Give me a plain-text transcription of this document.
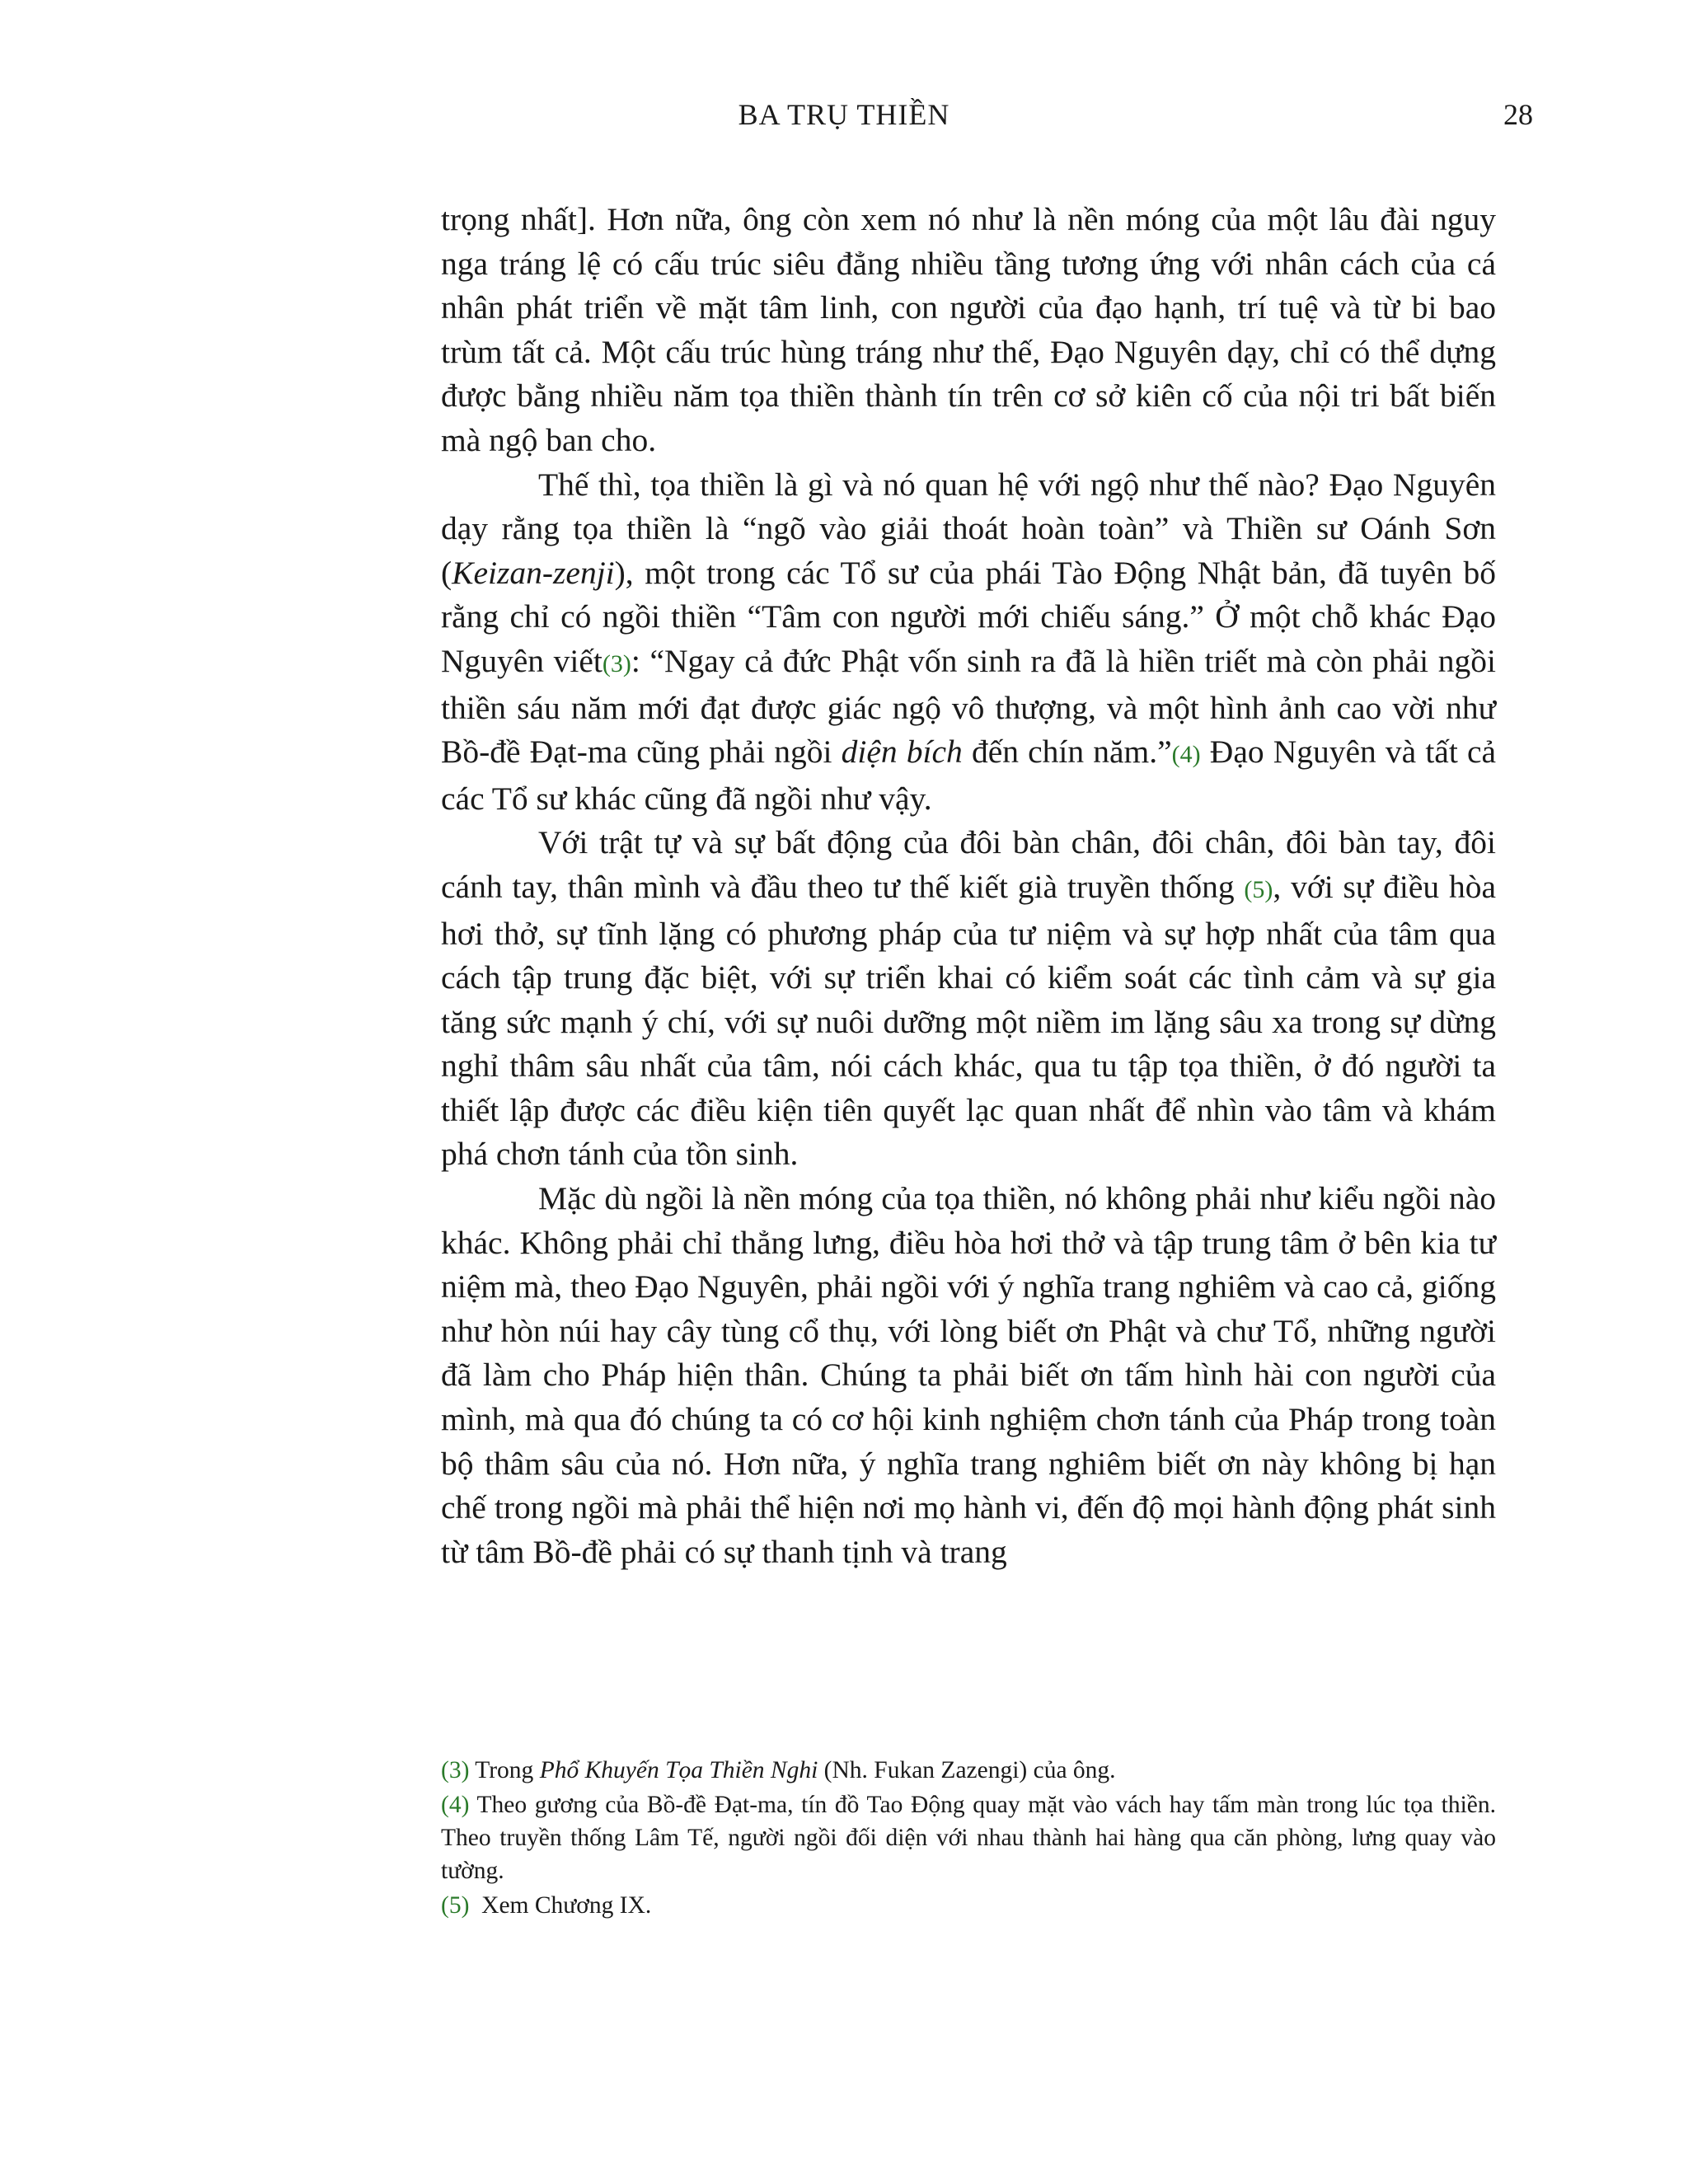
BA TRỤ THIỀN	28

trọng nhất]. Hơn nữa, ông còn xem nó như là nền móng của một lâu đài nguy nga tráng lệ có cấu trúc siêu đẳng nhiều tầng tương ứng với nhân cách của cá nhân phát triển về mặt tâm linh, con người của đạo hạnh, trí tuệ và từ bi bao trùm tất cả. Một cấu trúc hùng tráng như thế, Đạo Nguyên dạy, chỉ có thể dựng được bằng nhiều năm tọa thiền thành tín trên cơ sở kiên cố của nội tri bất biến mà ngộ ban cho.

Thế thì, tọa thiền là gì và nó quan hệ với ngộ như thế nào? Đạo Nguyên dạy rằng tọa thiền là “ngõ vào giải thoát hoàn toàn” và Thiền sư Oánh Sơn (Keizan-zenji), một trong các Tổ sư của phái Tào Động Nhật bản, đã tuyên bố rằng chỉ có ngồi thiền “Tâm con người mới chiếu sáng.” Ở một chỗ khác Đạo Nguyên viết(3): “Ngay cả đức Phật vốn sinh ra đã là hiền triết mà còn phải ngồi thiền sáu năm mới đạt được giác ngộ vô thượng, và một hình ảnh cao vời như Bồ-đề Đạt-ma cũng phải ngồi diện bích đến chín năm.”(4) Đạo Nguyên và tất cả các Tổ sư khác cũng đã ngồi như vậy.

Với trật tự và sự bất động của đôi bàn chân, đôi chân, đôi bàn tay, đôi cánh tay, thân mình và đầu theo tư thế kiết già truyền thống (5), với sự điều hòa hơi thở, sự tĩnh lặng có phương pháp của tư niệm và sự hợp nhất của tâm qua cách tập trung đặc biệt, với sự triển khai có kiểm soát các tình cảm và sự gia tăng sức mạnh ý chí, với sự nuôi dưỡng một niềm im lặng sâu xa trong sự dừng nghỉ thâm sâu nhất của tâm, nói cách khác, qua tu tập tọa thiền, ở đó người ta thiết lập được các điều kiện tiên quyết lạc quan nhất để nhìn vào tâm và khám phá chơn tánh của tồn sinh.

Mặc dù ngồi là nền móng của tọa thiền, nó không phải như kiểu ngồi nào khác. Không phải chỉ thẳng lưng, điều hòa hơi thở và tập trung tâm ở bên kia tư niệm mà, theo Đạo Nguyên, phải ngồi với ý nghĩa trang nghiêm và cao cả, giống như hòn núi hay cây tùng cổ thụ, với lòng biết ơn Phật và chư Tổ, những người đã làm cho Pháp hiện thân. Chúng ta phải biết ơn tấm hình hài con người của mình, mà qua đó chúng ta có cơ hội kinh nghiệm chơn tánh của Pháp trong toàn bộ thâm sâu của nó. Hơn nữa, ý nghĩa trang nghiêm biết ơn này không bị hạn chế trong ngồi mà phải thể hiện nơi mọ hành vi, đến độ mọi hành động phát sinh từ tâm Bồ-đề phải có sự thanh tịnh và trang

(3) Trong Phổ Khuyến Tọa Thiền Nghi (Nh. Fukan Zazengi) của ông.
(4) Theo gương của Bồ-đề Đạt-ma, tín đồ Tao Động quay mặt vào vách hay tấm màn trong lúc tọa thiền. Theo truyền thống Lâm Tế, người ngồi đối diện với nhau thành hai hàng qua căn phòng, lưng quay vào tường.
(5)  Xem Chương IX.
